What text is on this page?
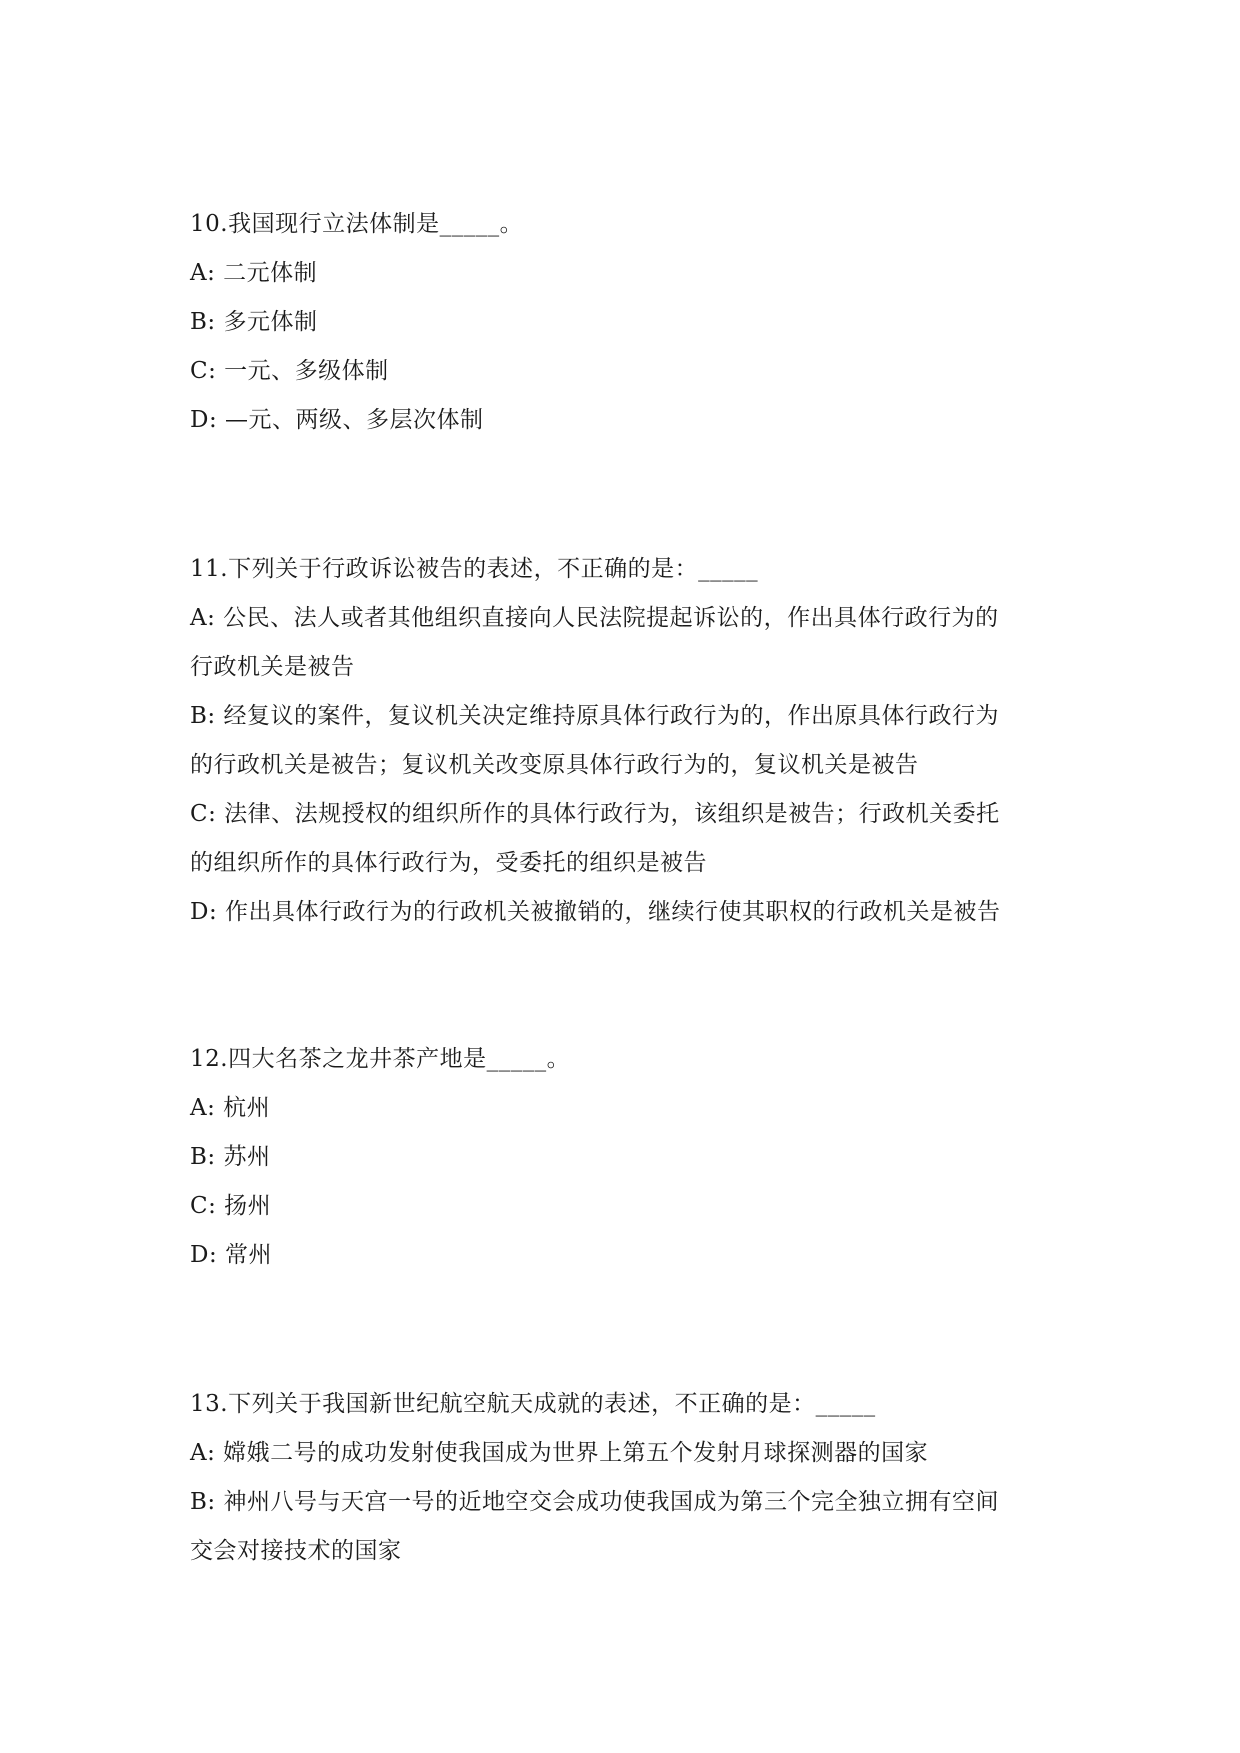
10.我国现行立法体制是_____。
A: 二元体制
B: 多元体制
C: 一元、多级体制
D: —元、两级、多层次体制
11.下列关于行政诉讼被告的表述，不正确的是：_____
A: 公民、法人或者其他组织直接向人民法院提起诉讼的，作出具体行政行为的
行政机关是被告
B: 经复议的案件，复议机关决定维持原具体行政行为的，作出原具体行政行为
的行政机关是被告；复议机关改变原具体行政行为的，复议机关是被告
C: 法律、法规授权的组织所作的具体行政行为，该组织是被告；行政机关委托
的组织所作的具体行政行为，受委托的组织是被告
D: 作出具体行政行为的行政机关被撤销的，继续行使其职权的行政机关是被告
12.四大名茶之龙井茶产地是_____。
A: 杭州
B: 苏州
C: 扬州
D: 常州
13.下列关于我国新世纪航空航天成就的表述，不正确的是：_____
A: 嫦娥二号的成功发射使我国成为世界上第五个发射月球探测器的国家
B: 神州八号与天宫一号的近地空交会成功使我国成为第三个完全独立拥有空间
交会对接技术的国家
